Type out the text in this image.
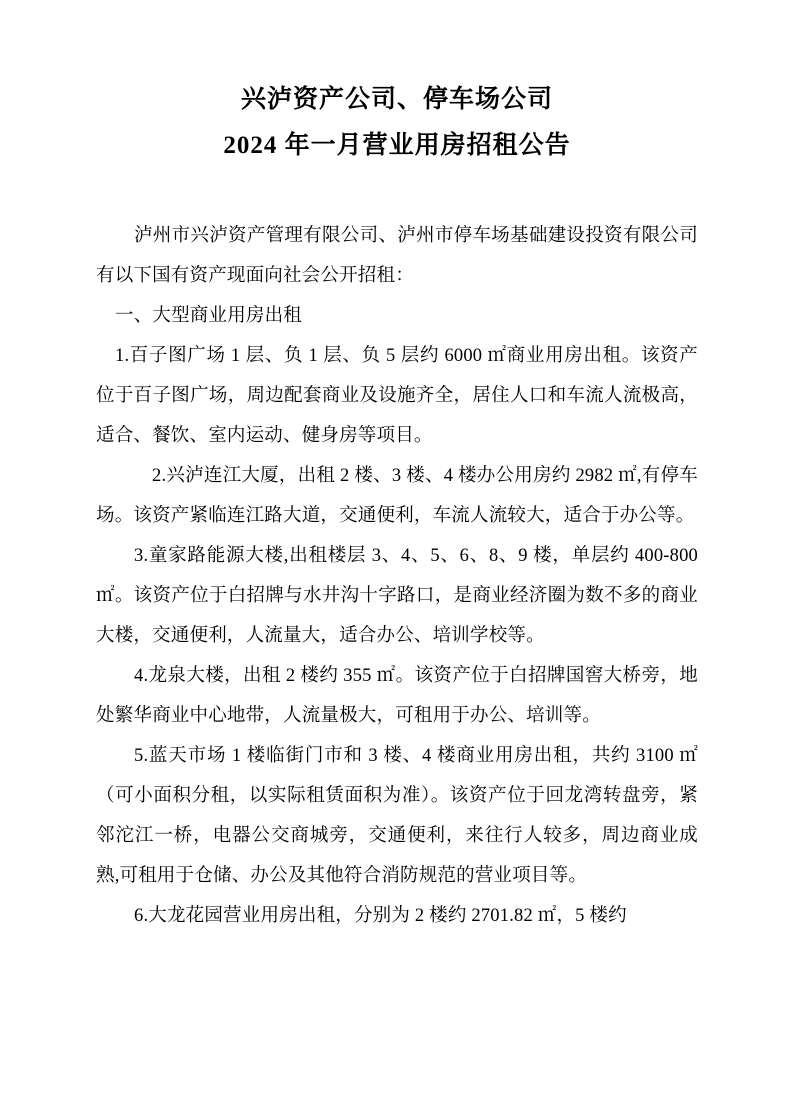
兴泸资产公司、停车场公司
2024 年一月营业用房招租公告

泸州市兴泸资产管理有限公司、泸州市停车场基础建设投资有限公司有以下国有资产现面向社会公开招租：

一、大型商业用房出租

1.百子图广场 1 层、负 1 层、负 5 层约 6000 ㎡商业用房出租。该资产位于百子图广场，周边配套商业及设施齐全，居住人口和车流人流极高，适合、餐饮、室内运动、健身房等项目。

2.兴泸连江大厦，出租 2 楼、3 楼、4 楼办公用房约 2982 ㎡,有停车场。该资产紧临连江路大道，交通便利，车流人流较大，适合于办公等。

3.童家路能源大楼,出租楼层 3、4、5、6、8、9 楼，单层约 400-800 ㎡。该资产位于白招牌与水井沟十字路口，是商业经济圈为数不多的商业大楼，交通便利，人流量大，适合办公、培训学校等。

4.龙泉大楼，出租 2 楼约 355 ㎡。该资产位于白招牌国窖大桥旁，地处繁华商业中心地带，人流量极大，可租用于办公、培训等。

5.蓝天市场 1 楼临街门市和 3 楼、4 楼商业用房出租，共约 3100 ㎡（可小面积分租，以实际租赁面积为准）。该资产位于回龙湾转盘旁，紧邻沱江一桥，电器公交商城旁，交通便利，来往行人较多，周边商业成熟,可租用于仓储、办公及其他符合消防规范的营业项目等。

6.大龙花园营业用房出租，分别为 2 楼约 2701.82 ㎡，5 楼约
